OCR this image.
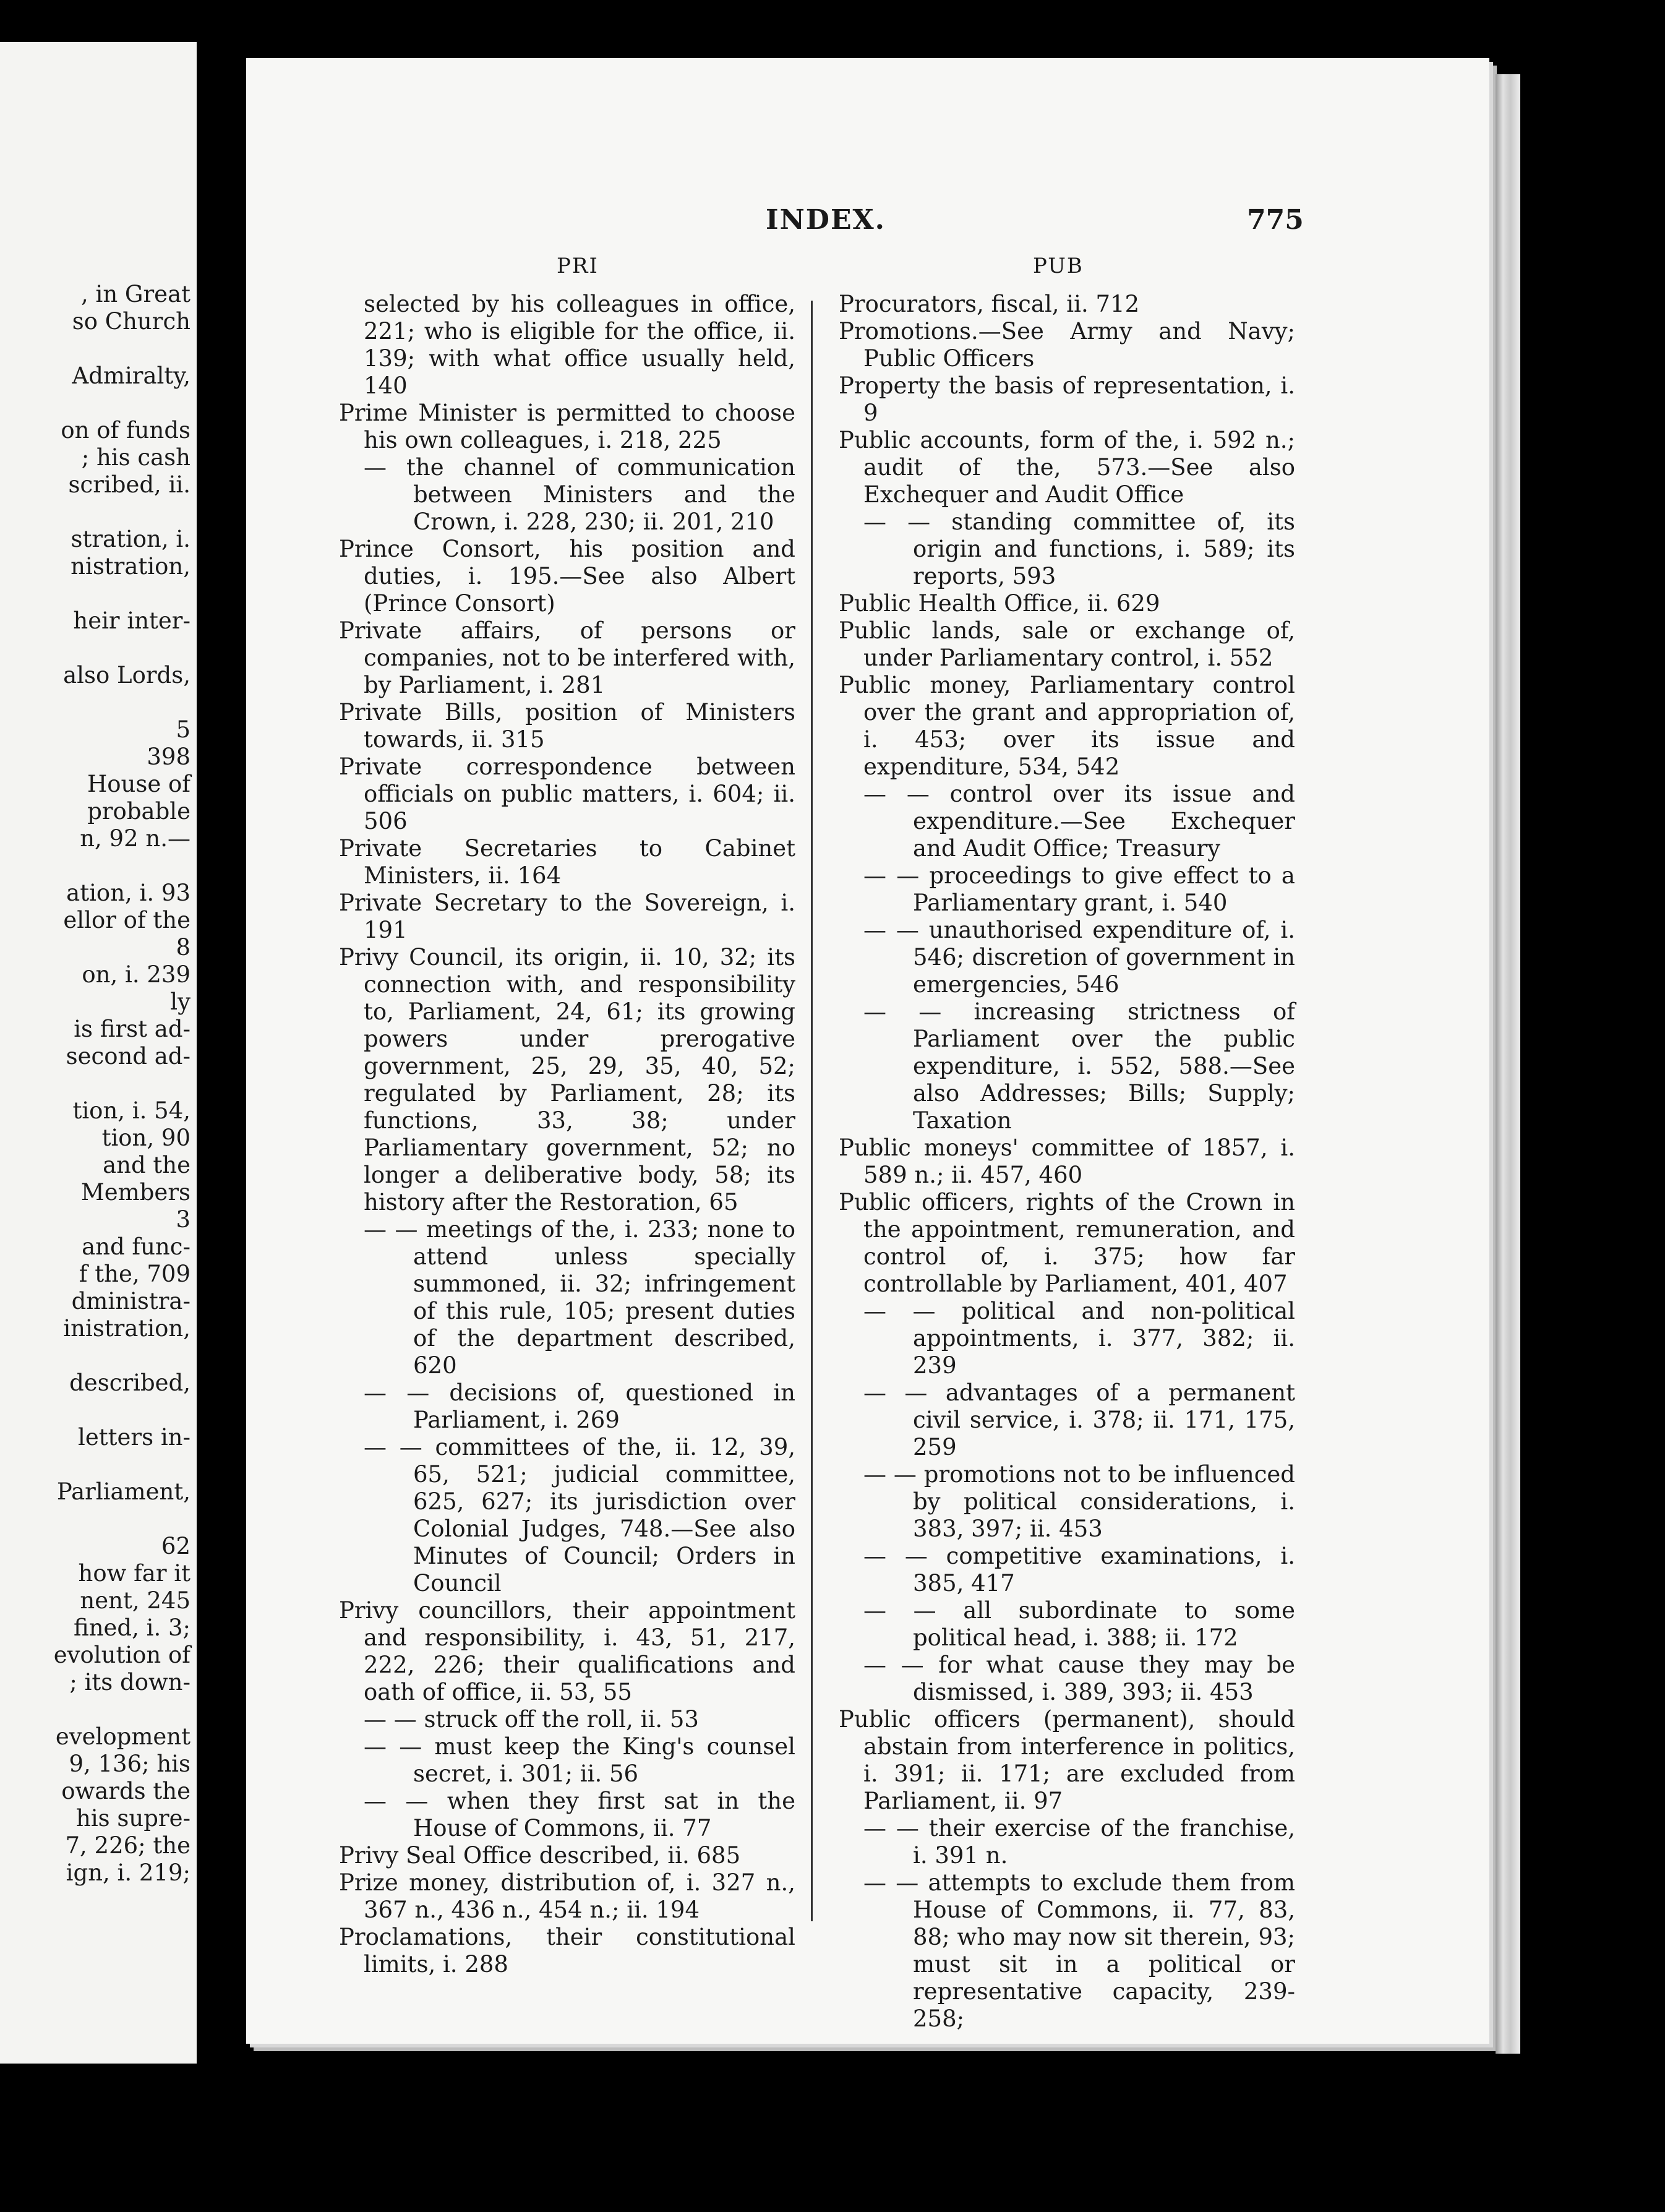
, in Great
so Church
Admiralty,
on of funds
; his cash
scribed, ii.
stration, i.
nistration,
heir inter-
also Lords,
5
398
House of
probable
n, 92 n.—
ation, i. 93
ellor of the
8
on, i. 239
ly
is first ad-
second ad-
tion, i. 54,
tion, 90
and the
Members
3
and func-
f the, 709
dministra-
inistration,
described,
letters in-
Parliament,
62
how far it
nent, 245
fined, i. 3;
evolution of
; its down-
evelopment
9, 136; his
owards the
his supre-
7, 226; the
ign, i. 219;
INDEX.	775
PRI	PUB

selected by his colleagues in office, 221; who is eligible for the office, ii. 139; with what office usually held, 140

Prime Minister is permitted to choose his own colleagues, i. 218, 225

— the channel of communication between Ministers and the Crown, i. 228, 230; ii. 201, 210

Prince Consort, his position and duties, i. 195.—See also Albert (Prince Consort)

Private affairs, of persons or companies, not to be interfered with, by Parliament, i. 281

Private Bills, position of Ministers towards, ii. 315

Private correspondence between officials on public matters, i. 604; ii. 506

Private Secretaries to Cabinet Ministers, ii. 164

Private Secretary to the Sovereign, i. 191

Privy Council, its origin, ii. 10, 32; its connection with, and responsibility to, Parliament, 24, 61; its growing powers under prerogative government, 25, 29, 35, 40, 52; regulated by Parliament, 28; its functions, 33, 38; under Parliamentary government, 52; no longer a deliberative body, 58; its history after the Restoration, 65

— — meetings of the, i. 233; none to attend unless specially summoned, ii. 32; infringement of this rule, 105; present duties of the department described, 620

— — decisions of, questioned in Parliament, i. 269

— — committees of the, ii. 12, 39, 65, 521; judicial committee, 625, 627; its jurisdiction over Colonial Judges, 748.—See also Minutes of Council; Orders in Council

Privy councillors, their appointment and responsibility, i. 43, 51, 217, 222, 226; their qualifications and oath of office, ii. 53, 55

— — struck off the roll, ii. 53

— — must keep the King's counsel secret, i. 301; ii. 56

— — when they first sat in the House of Commons, ii. 77

Privy Seal Office described, ii. 685

Prize money, distribution of, i. 327 n., 367 n., 436 n., 454 n.; ii. 194

Proclamations, their constitutional limits, i. 288

Procurators, fiscal, ii. 712

Promotions.—See Army and Navy; Public Officers

Property the basis of representation, i. 9

Public accounts, form of the, i. 592 n.; audit of the, 573.—See also Exchequer and Audit Office

— — standing committee of, its origin and functions, i. 589; its reports, 593

Public Health Office, ii. 629

Public lands, sale or exchange of, under Parliamentary control, i. 552

Public money, Parliamentary control over the grant and appropriation of, i. 453; over its issue and expenditure, 534, 542

— — control over its issue and expenditure.—See Exchequer and Audit Office; Treasury

— — proceedings to give effect to a Parliamentary grant, i. 540

— — unauthorised expenditure of, i. 546; discretion of government in emergencies, 546

— — increasing strictness of Parliament over the public expenditure, i. 552, 588.—See also Addresses; Bills; Supply; Taxation

Public moneys' committee of 1857, i. 589 n.; ii. 457, 460

Public officers, rights of the Crown in the appointment, remuneration, and control of, i. 375; how far controllable by Parliament, 401, 407

— — political and non-political appointments, i. 377, 382; ii. 239

— — advantages of a permanent civil service, i. 378; ii. 171, 175, 259

— — promotions not to be influenced by political considerations, i. 383, 397; ii. 453

— — competitive examinations, i. 385, 417

— — all subordinate to some political head, i. 388; ii. 172

— — for what cause they may be dismissed, i. 389, 393; ii. 453

Public officers (permanent), should abstain from interference in politics, i. 391; ii. 171; are excluded from Parliament, ii. 97

— — their exercise of the franchise, i. 391 n.

— — attempts to exclude them from House of Commons, ii. 77, 83, 88; who may now sit therein, 93; must sit in a political or representative capacity, 239-258;
